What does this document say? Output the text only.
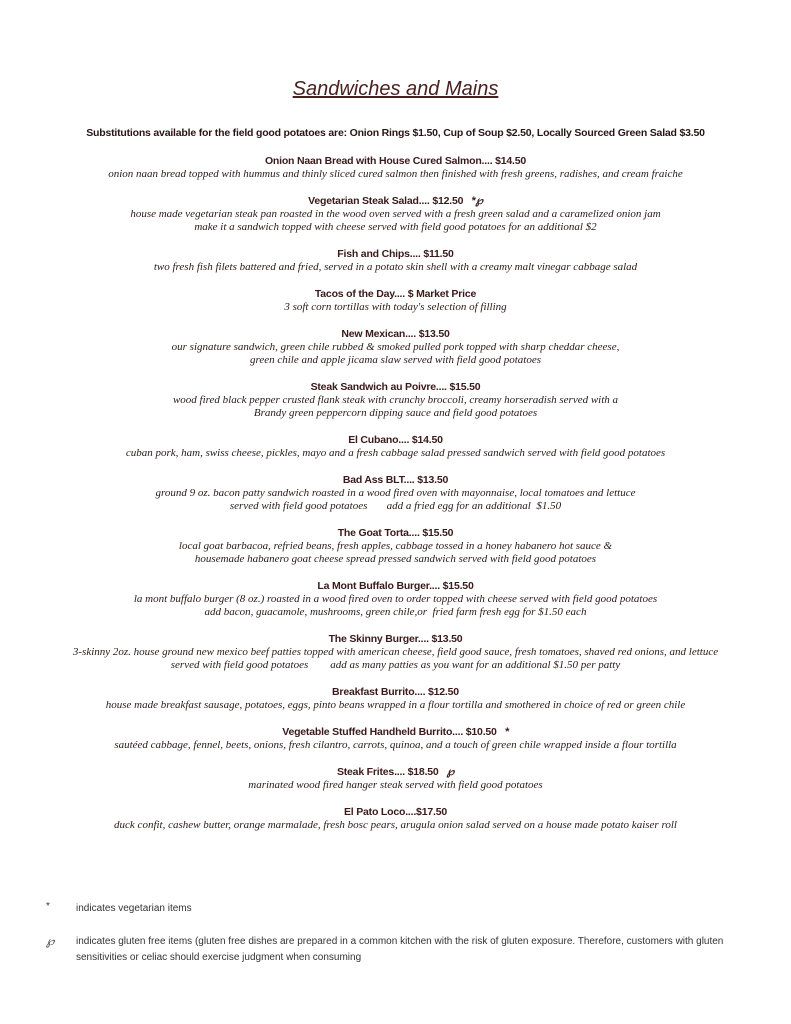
Sandwiches and Mains
Substitutions available for the field good potatoes are: Onion Rings $1.50, Cup of Soup $2.50, Locally Sourced Green Salad $3.50
Onion Naan Bread with House Cured Salmon.... $14.50
onion naan bread topped with hummus and thinly sliced cured salmon then finished with fresh greens, radishes, and cream fraiche
Vegetarian Steak Salad.... $12.50 *℘
house made vegetarian steak pan roasted in the wood oven served with a fresh green salad and a caramelized onion jam
make it a sandwich topped with cheese served with field good potatoes for an additional $2
Fish and Chips.... $11.50
two fresh fish filets battered and fried, served in a potato skin shell with a creamy malt vinegar cabbage salad
Tacos of the Day.... $ Market Price
3 soft corn tortillas with today's selection of filling
New Mexican.... $13.50
our signature sandwich, green chile rubbed & smoked pulled pork topped with sharp cheddar cheese,
green chile and apple jicama slaw served with field good potatoes
Steak Sandwich au Poivre.... $15.50
wood fired black pepper crusted flank steak with crunchy broccoli, creamy horseradish served with a
Brandy green peppercorn dipping sauce and field good potatoes
El Cubano.... $14.50
cuban pork, ham, swiss cheese, pickles, mayo and a fresh cabbage salad pressed sandwich served with field good potatoes
Bad Ass BLT.... $13.50
ground 9 oz. bacon patty sandwich roasted in a wood fired oven with mayonnaise, local tomatoes and lettuce
served with field good potatoes       add a fried egg for an additional  $1.50
The Goat Torta.... $15.50
local goat barbacoa, refried beans, fresh apples, cabbage tossed in a honey habanero hot sauce &
housemade habanero goat cheese spread pressed sandwich served with field good potatoes
La Mont Buffalo Burger.... $15.50
la mont buffalo burger (8 oz.) roasted in a wood fired oven to order topped with cheese served with field good potatoes
add bacon, guacamole, mushrooms, green chile,or  fried farm fresh egg for $1.50 each
The Skinny Burger.... $13.50
3-skinny 2oz. house ground new mexico beef patties topped with american cheese, field good sauce, fresh tomatoes, shaved red onions, and lettuce
served with field good potatoes        add as many patties as you want for an additional $1.50 per patty
Breakfast Burrito.... $12.50
house made breakfast sausage, potatoes, eggs, pinto beans wrapped in a flour tortilla and smothered in choice of red or green chile
Vegetable Stuffed Handheld Burrito.... $10.50 *
sautéed cabbage, fennel, beets, onions, fresh cilantro, carrots, quinoa, and a touch of green chile wrapped inside a flour tortilla
Steak Frites.... $18.50 ℘
marinated wood fired hanger steak served with field good potatoes
El Pato Loco....$17.50
duck confit, cashew butter, orange marmalade, fresh bosc pears, arugula onion salad served on a house made potato kaiser roll
*	indicates vegetarian items
℘ indicates gluten free items (gluten free dishes are prepared in a common kitchen with the risk of gluten exposure. Therefore, customers with gluten sensitivities or celiac should exercise judgment when consuming
